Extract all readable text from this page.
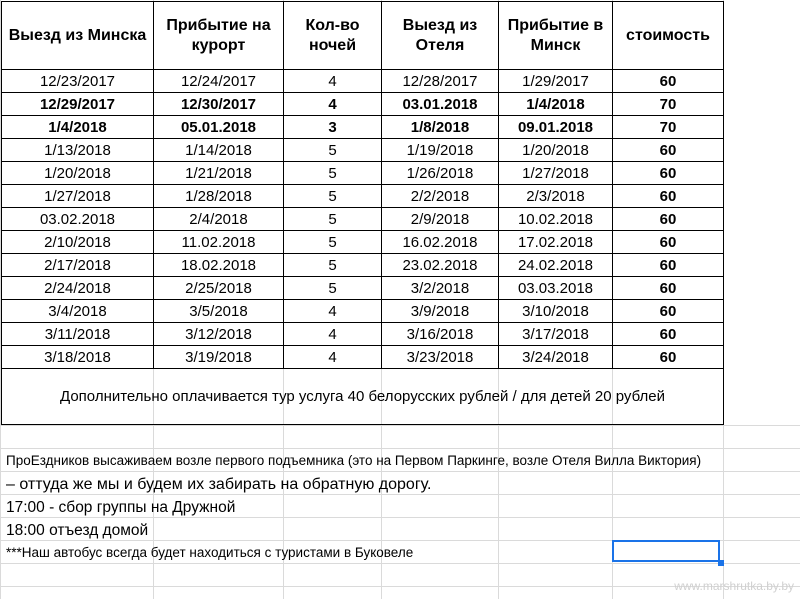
Выезд из Минска	Прибытие на курорт	Кол-во ночей	Выезд из Отеля	Прибытие в Минск	стоимость
12/23/2017	12/24/2017	4	12/28/2017	1/29/2017	60
12/29/2017	12/30/2017	4	03.01.2018	1/4/2018	70
1/4/2018	05.01.2018	3	1/8/2018	09.01.2018	70
1/13/2018	1/14/2018	5	1/19/2018	1/20/2018	60
1/20/2018	1/21/2018	5	1/26/2018	1/27/2018	60
1/27/2018	1/28/2018	5	2/2/2018	2/3/2018	60
03.02.2018	2/4/2018	5	2/9/2018	10.02.2018	60
2/10/2018	11.02.2018	5	16.02.2018	17.02.2018	60
2/17/2018	18.02.2018	5	23.02.2018	24.02.2018	60
2/24/2018	2/25/2018	5	3/2/2018	03.03.2018	60
3/4/2018	3/5/2018	4	3/9/2018	3/10/2018	60
3/11/2018	3/12/2018	4	3/16/2018	3/17/2018	60
3/18/2018	3/19/2018	4	3/23/2018	3/24/2018	60
Дополнительно оплачивается тур услуга 40 белорусских рублей / для детей 20 рублей					
ПроЕздников высаживаем возле первого подъемника (это на Первом Паркинге, возле Отеля Вилла Виктория)
– оттуда же мы и будем их забирать на обратную дорогу.
17:00 - сбор группы на Дружной
18:00 отъезд домой
***Наш автобус всегда будет находиться с туристами в Буковеле
www.marshrutka.by.by
